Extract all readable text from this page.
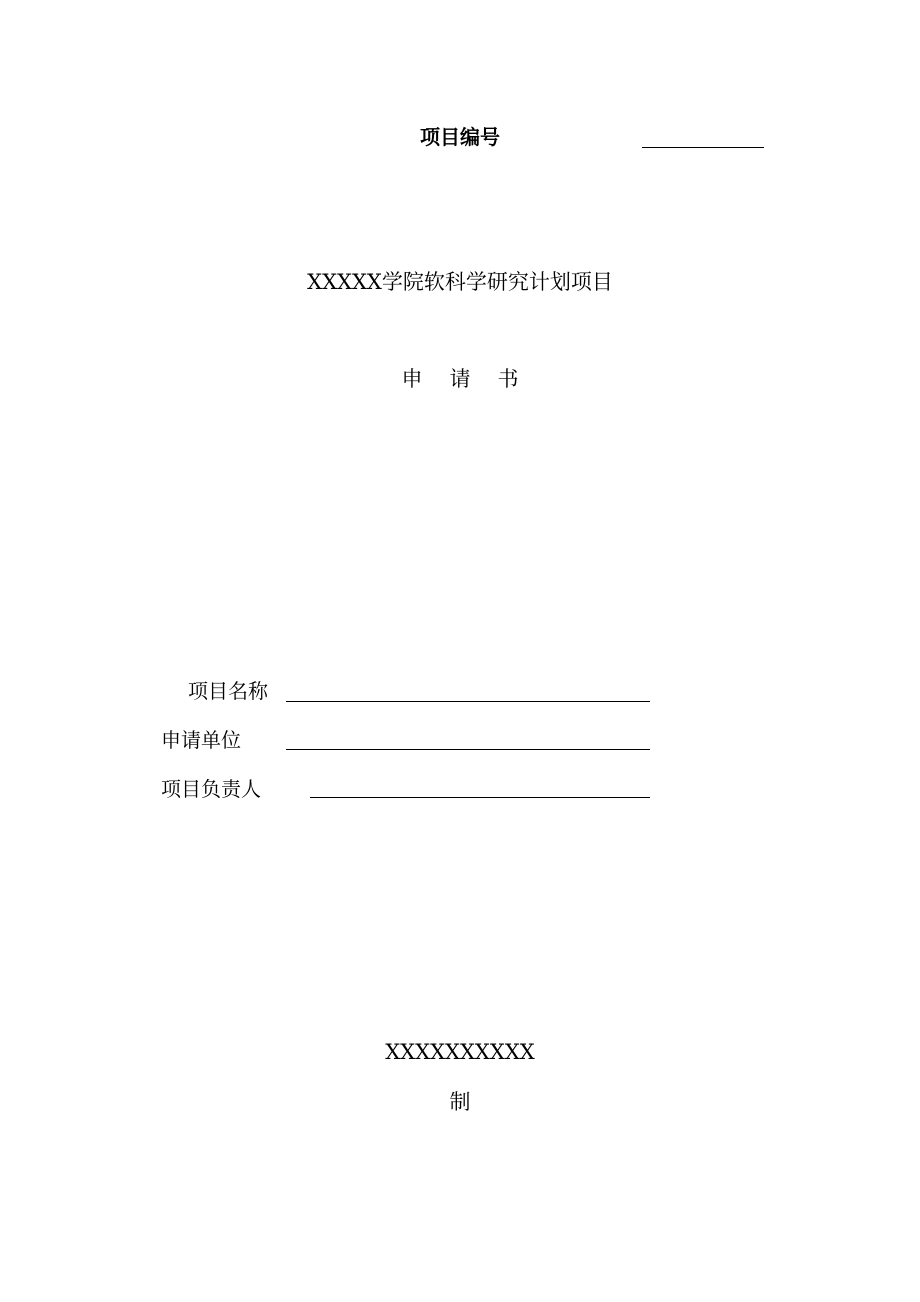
项目编号
XXXXX学院软科学研究计划项目
申请书
项目名称
申请单位
项目负责人
XXXXXXXXXX
制
